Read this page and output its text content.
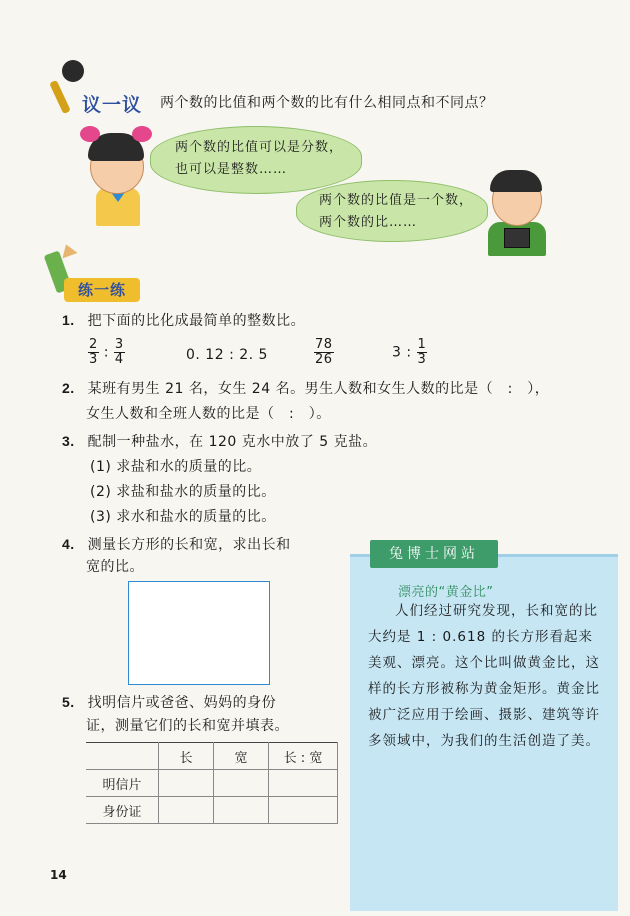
议一议 两个数的比值和两个数的比有什么相同点和不同点？
两个数的比值可以是分数，
也可以是整数……
两个数的比值是一个数，
两个数的比……
练一练
1. 把下面的比化成最简单的整数比。
$\frac{2}{3}$ : $\frac{3}{4}$	0. 12 : 2. 5	$\frac{78}{26}$	3 : $\frac{1}{3}$
2. 某班有男生 21 名，女生 24 名。男生人数和女生人数的比是（　:　），
女生人数和全班人数的比是（　:　）。
3. 配制一种盐水，在 120 克水中放了 5 克盐。
(1) 求盐和水的质量的比。
(2) 求盐和盐水的质量的比。
(3) 求水和盐水的质量的比。
4. 测量长方形的长和宽，求出长和
宽的比。
5. 找明信片或爸爸、妈妈的身份
证，测量它们的长和宽并填表。
	长	宽	长 : 宽
明信片			
身份证			
兔博士网站
漂亮的“黄金比”

人们经过研究发现，长和宽的比大约是 1 : 0.618 的长方形看起来美观、漂亮。这个比叫做黄金比，这样的长方形被称为黄金矩形。黄金比被广泛应用于绘画、摄影、建筑等许多领域中，为我们的生活创造了美。

14
